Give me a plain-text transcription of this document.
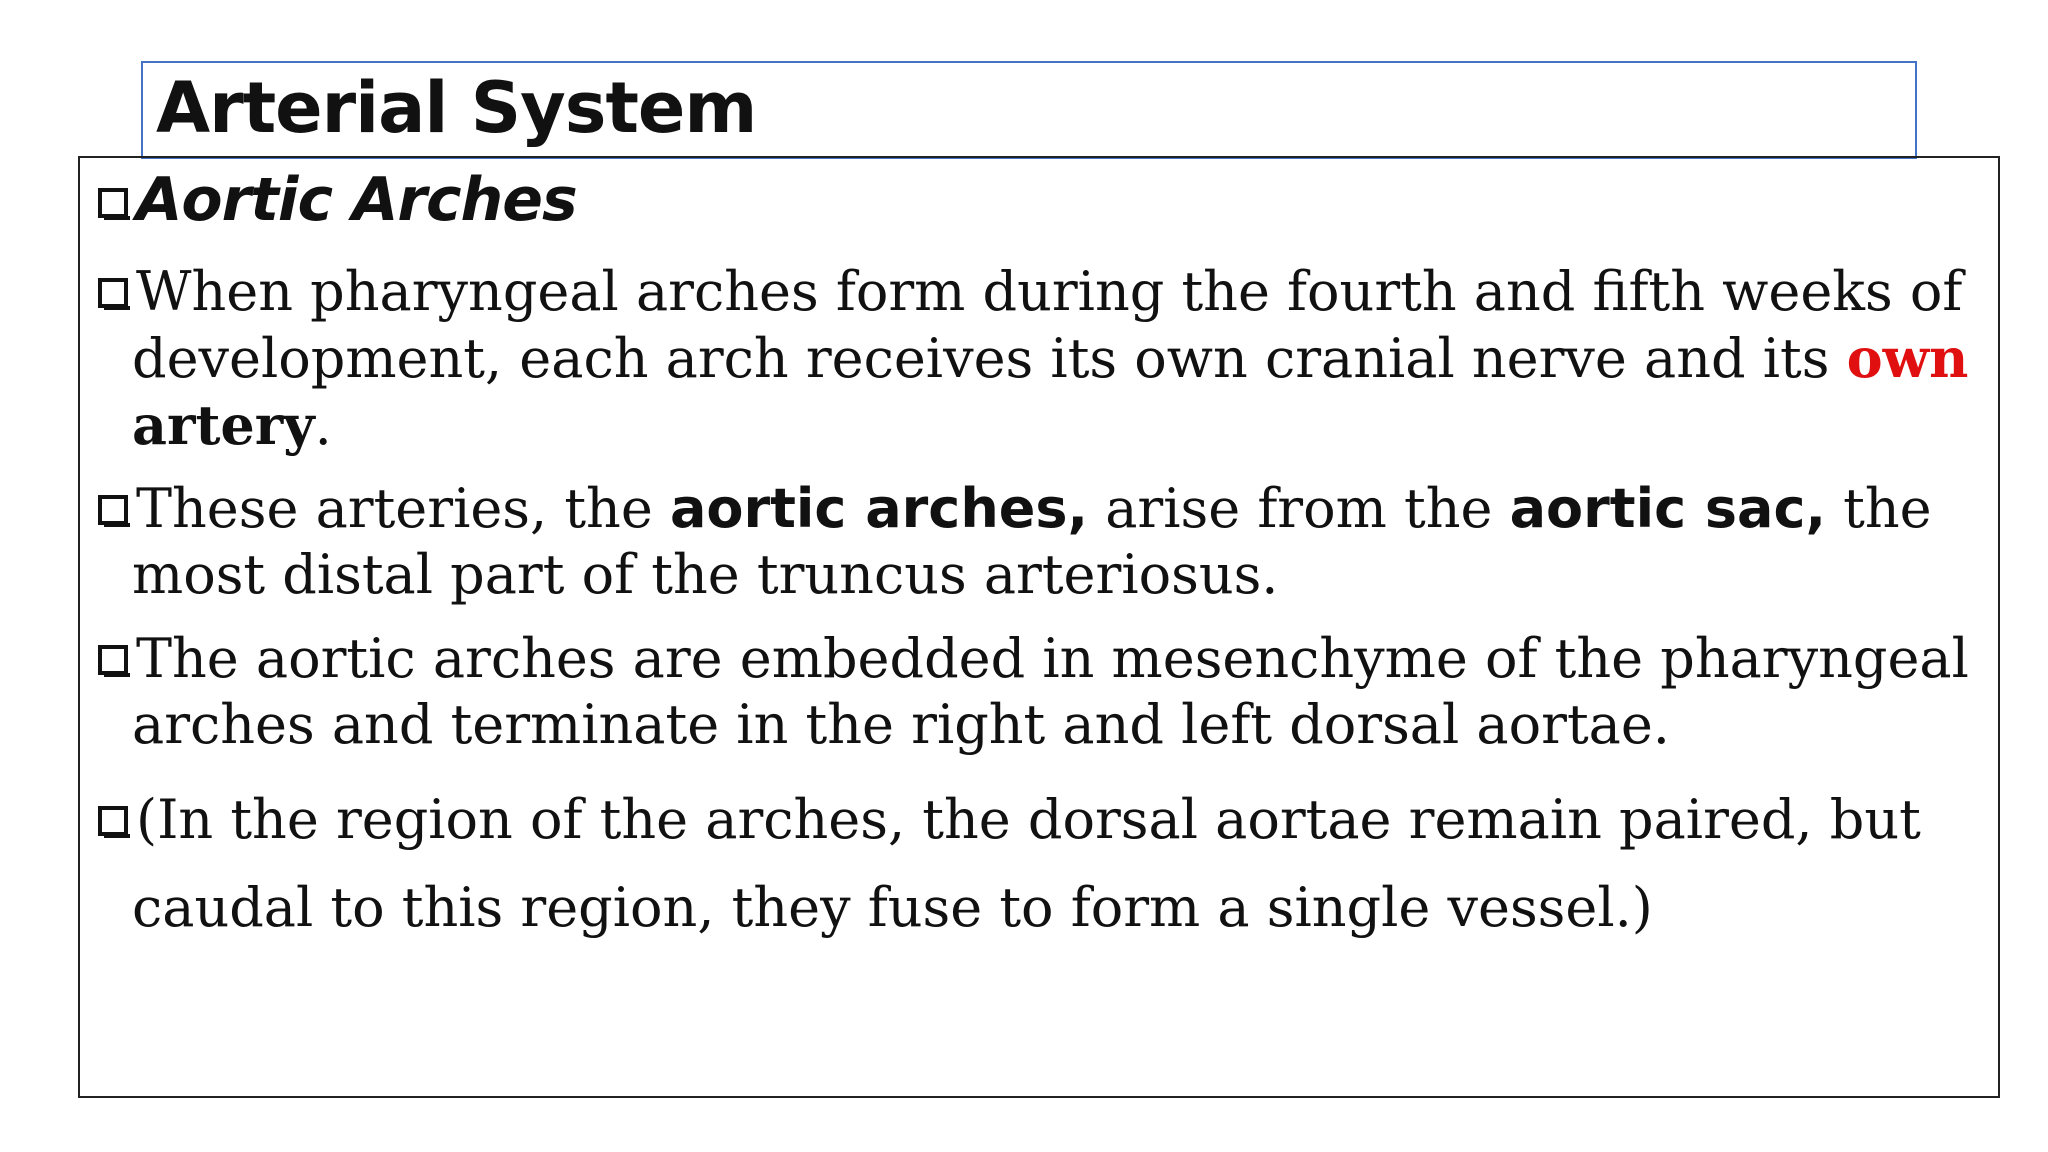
Arterial System
Aortic Arches
When pharyngeal arches form during the fourth and fifth weeks of
development, each arch receives its own cranial nerve and its own
artery.
These arteries, the aortic arches, arise from the aortic sac, the
most distal part of the truncus arteriosus.
The aortic arches are embedded in mesenchyme of the pharyngeal
arches and terminate in the right and left dorsal aortae.
(In the region of the arches, the dorsal aortae remain paired, but
caudal to this region, they fuse to form a single vessel.)
